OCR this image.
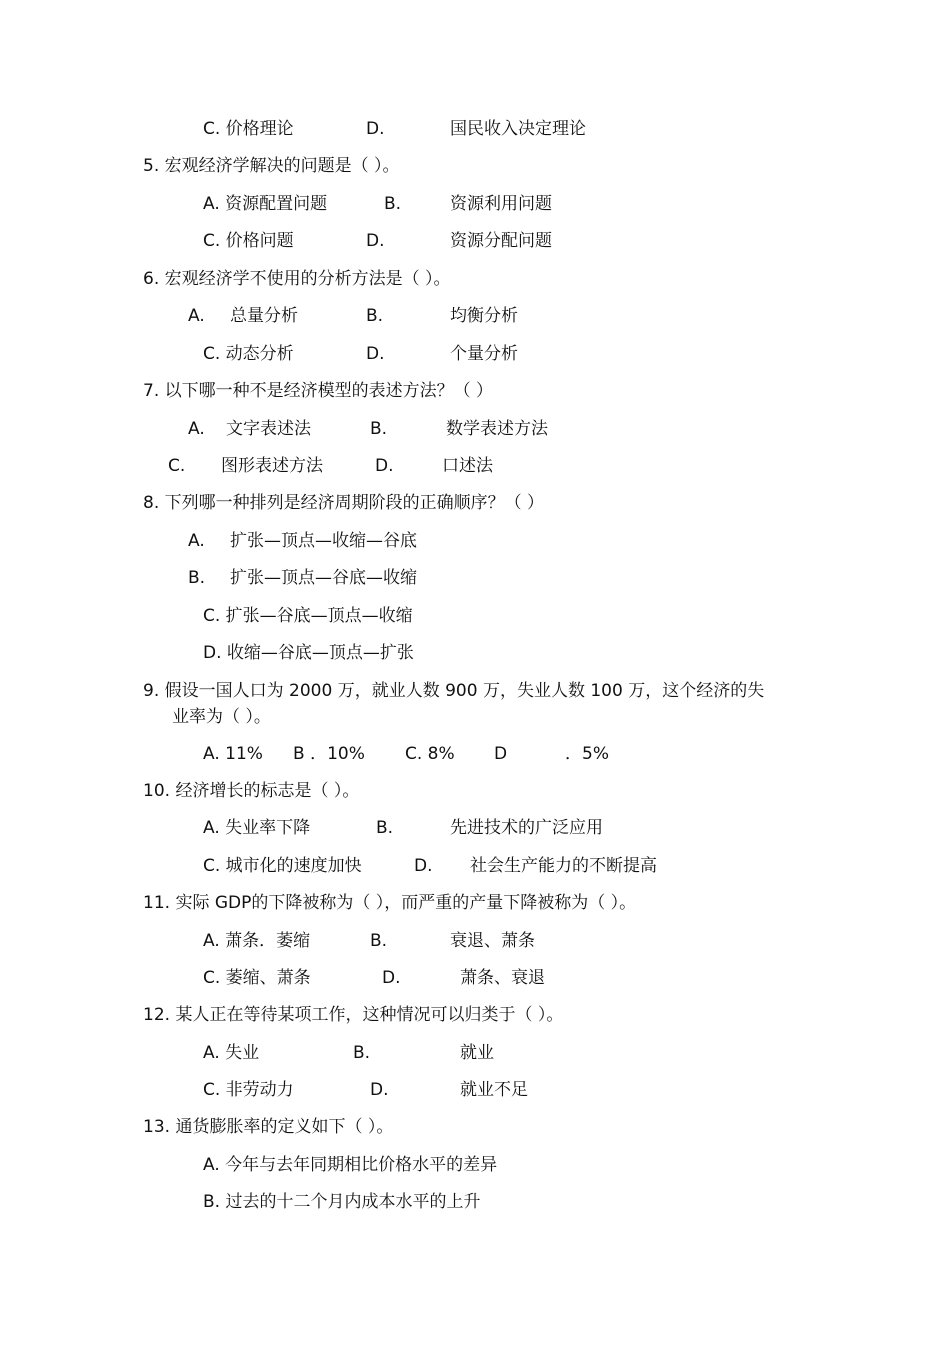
C. 价格理论	D.	国民收入决定理论
5. 宏观经济学解决的问题是（ ）。
A. 资源配置问题	B.	资源利用问题
C. 价格问题	D.	资源分配问题
6. 宏观经济学不使用的分析方法是（ ）。
A. 总量分析	B.	均衡分析
C. 动态分析	D.	个量分析
7. 以下哪一种不是经济模型的表述方法？（ ）
A. 文字表述法	B.	数学表述方法
C. 图形表述方法	D.	口述法
8. 下列哪一种排列是经济周期阶段的正确顺序？（ ）
A. 扩张—顶点—收缩—谷底
B. 扩张—顶点—谷底—收缩
C. 扩张—谷底—顶点—收缩
D. 收缩—谷底—顶点—扩张
9. 假设一国人口为 2000 万，就业人数 900 万，失业人数 100 万，这个经济的失
业率为（ ）。
A. 11% B ．10% C. 8% D	．5%
10. 经济增长的标志是（ ）。
A. 失业率下降	B.	先进技术的广泛应用
C. 城市化的速度加快	D. 社会生产能力的不断提高
11. 实际 GDP的下降被称为（ ），而严重的产量下降被称为（ ）。
A. 萧条．萎缩	B.	衰退、萧条
C. 萎缩、萧条	D.	萧条、衰退
12. 某人正在等待某项工作，这种情况可以归类于（ ）。
A. 失业	B.	就业
C. 非劳动力	D.	就业不足
13. 通货膨胀率的定义如下（ ）。
A. 今年与去年同期相比价格水平的差异
B. 过去的十二个月内成本水平的上升
